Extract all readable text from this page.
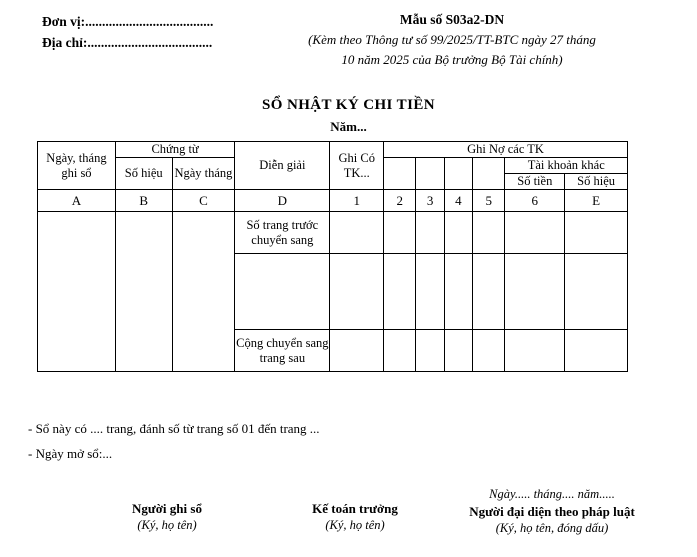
Đơn vị:......................................
Địa chỉ:.....................................
Mẫu số S03a2-DN
(Kèm theo Thông tư số 99/2025/TT-BTC ngày 27 tháng
10 năm 2025 của Bộ trưởng Bộ Tài chính)
SỔ NHẬT KÝ CHI TIỀN
Năm...
Ngày, tháng ghi sổ	Chứng từ		Diễn giải	Ghi Có TK...	Ghi Nợ các TK					
	Số hiệu	Ngày tháng							Tài khoản khác	
									Số tiền	Số hiệu
A	B	C	D	1	2	3	4	5	6	E
			Số trang trước chuyển sang							

			Cộng chuyển sang trang sau							
- Sổ này có .... trang, đánh số từ trang số 01 đến trang ...
- Ngày mở sổ:...
Người ghi sổ
(Ký, họ tên)
Kế toán trưởng
(Ký, họ tên)
Ngày..... tháng.... năm.....
Người đại diện theo pháp luật
(Ký, họ tên, đóng dấu)
